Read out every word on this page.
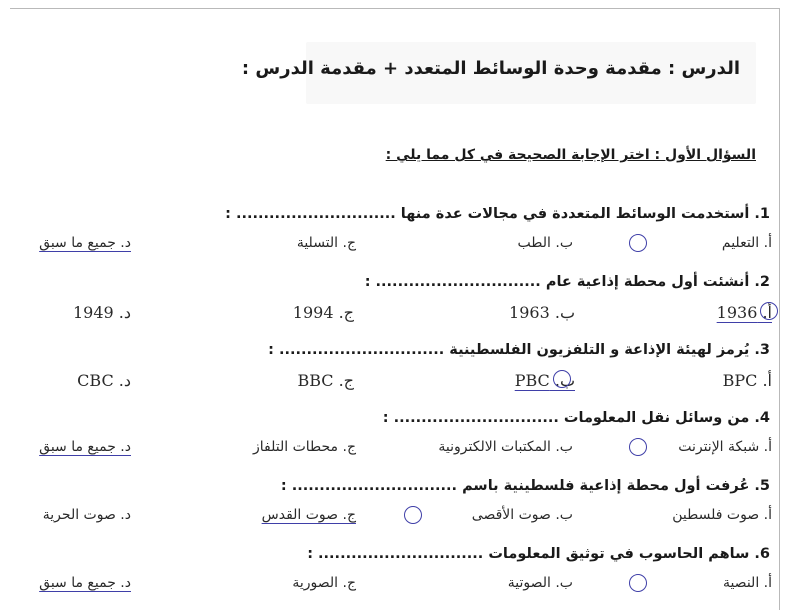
الدرس : مقدمة وحدة الوسائط المتعدد + مقدمة الدرس :
السؤال الأول : اختر الإجابة الصحيحة في كل مما يلي :
1. أستخدمت الوسائط المتعددة في مجالات عدة منها ............................. :
أ. التعليم
ب. الطب
ج. التسلية
د. جميع ما سبق
2. أنشئت أول محطة إذاعية عام .............................. :
أ. 1936
ب. 1963
ج. 1994
د. 1949
3. يُرمز لهيئة الإذاعة و التلفزيون الفلسطينية .............................. :
أ. BPC
ب. PBC
ج. BBC
د. CBC
4. من وسائل نقل المعلومات .............................. :
أ. شبكة الإنترنت
ب. المكتبات الالكترونية
ج. محطات التلفاز
د. جميع ما سبق
5. عُرفت أول محطة إذاعية فلسطينية باسم .............................. :
أ. صوت فلسطين
ب. صوت الأقصى
ج. صوت القدس
د. صوت الحرية
6. ساهم الحاسوب في توثيق المعلومات .............................. :
أ. النصية
ب. الصوتية
ج. الصورية
د. جميع ما سبق
